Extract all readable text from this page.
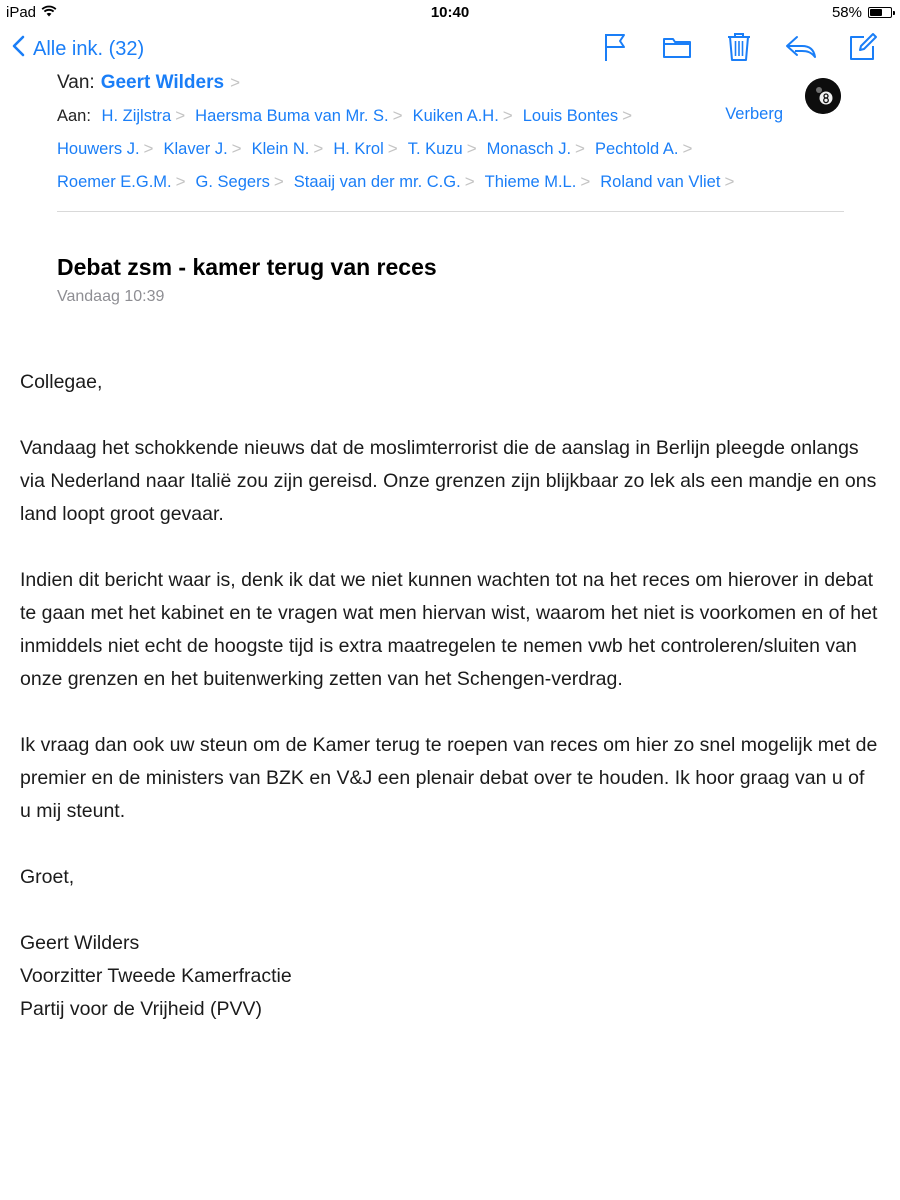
iPad	10:40	58%
Alle ink. (32)
Van: Geert Wilders >
Aan: H. Zijlstra > Haersma Buma van Mr. S. > Kuiken A.H. > Louis Bontes >
Houwers J. > Klaver J. > Klein N. > H. Krol > T. Kuzu > Monasch J. > Pechtold A. >
Roemer E.G.M. > G. Segers > Staaij van der mr. C.G. > Thieme M.L. > Roland van Vliet >
Verberg
Debat zsm - kamer terug van reces
Vandaag 10:39

Collegae,

Vandaag het schokkende nieuws dat de moslimterrorist die de aanslag in Berlijn pleegde onlangs via Nederland naar Italië zou zijn gereisd. Onze grenzen zijn blijkbaar zo lek als een mandje en ons land loopt groot gevaar.

Indien dit bericht waar is, denk ik dat we niet kunnen wachten tot na het reces om hierover in debat te gaan met het kabinet en te vragen wat men hiervan wist, waarom het niet is voorkomen en of het inmiddels niet echt de hoogste tijd is extra maatregelen te nemen vwb het controleren/sluiten van onze grenzen en het buitenwerking zetten van het Schengen-verdrag.

Ik vraag dan ook uw steun om de Kamer terug te roepen van reces om hier zo snel mogelijk met de premier en de ministers van BZK en V&J een plenair debat over te houden. Ik hoor graag van u of u mij steunt.

Groet,

Geert Wilders
Voorzitter Tweede Kamerfractie
Partij voor de Vrijheid (PVV)
